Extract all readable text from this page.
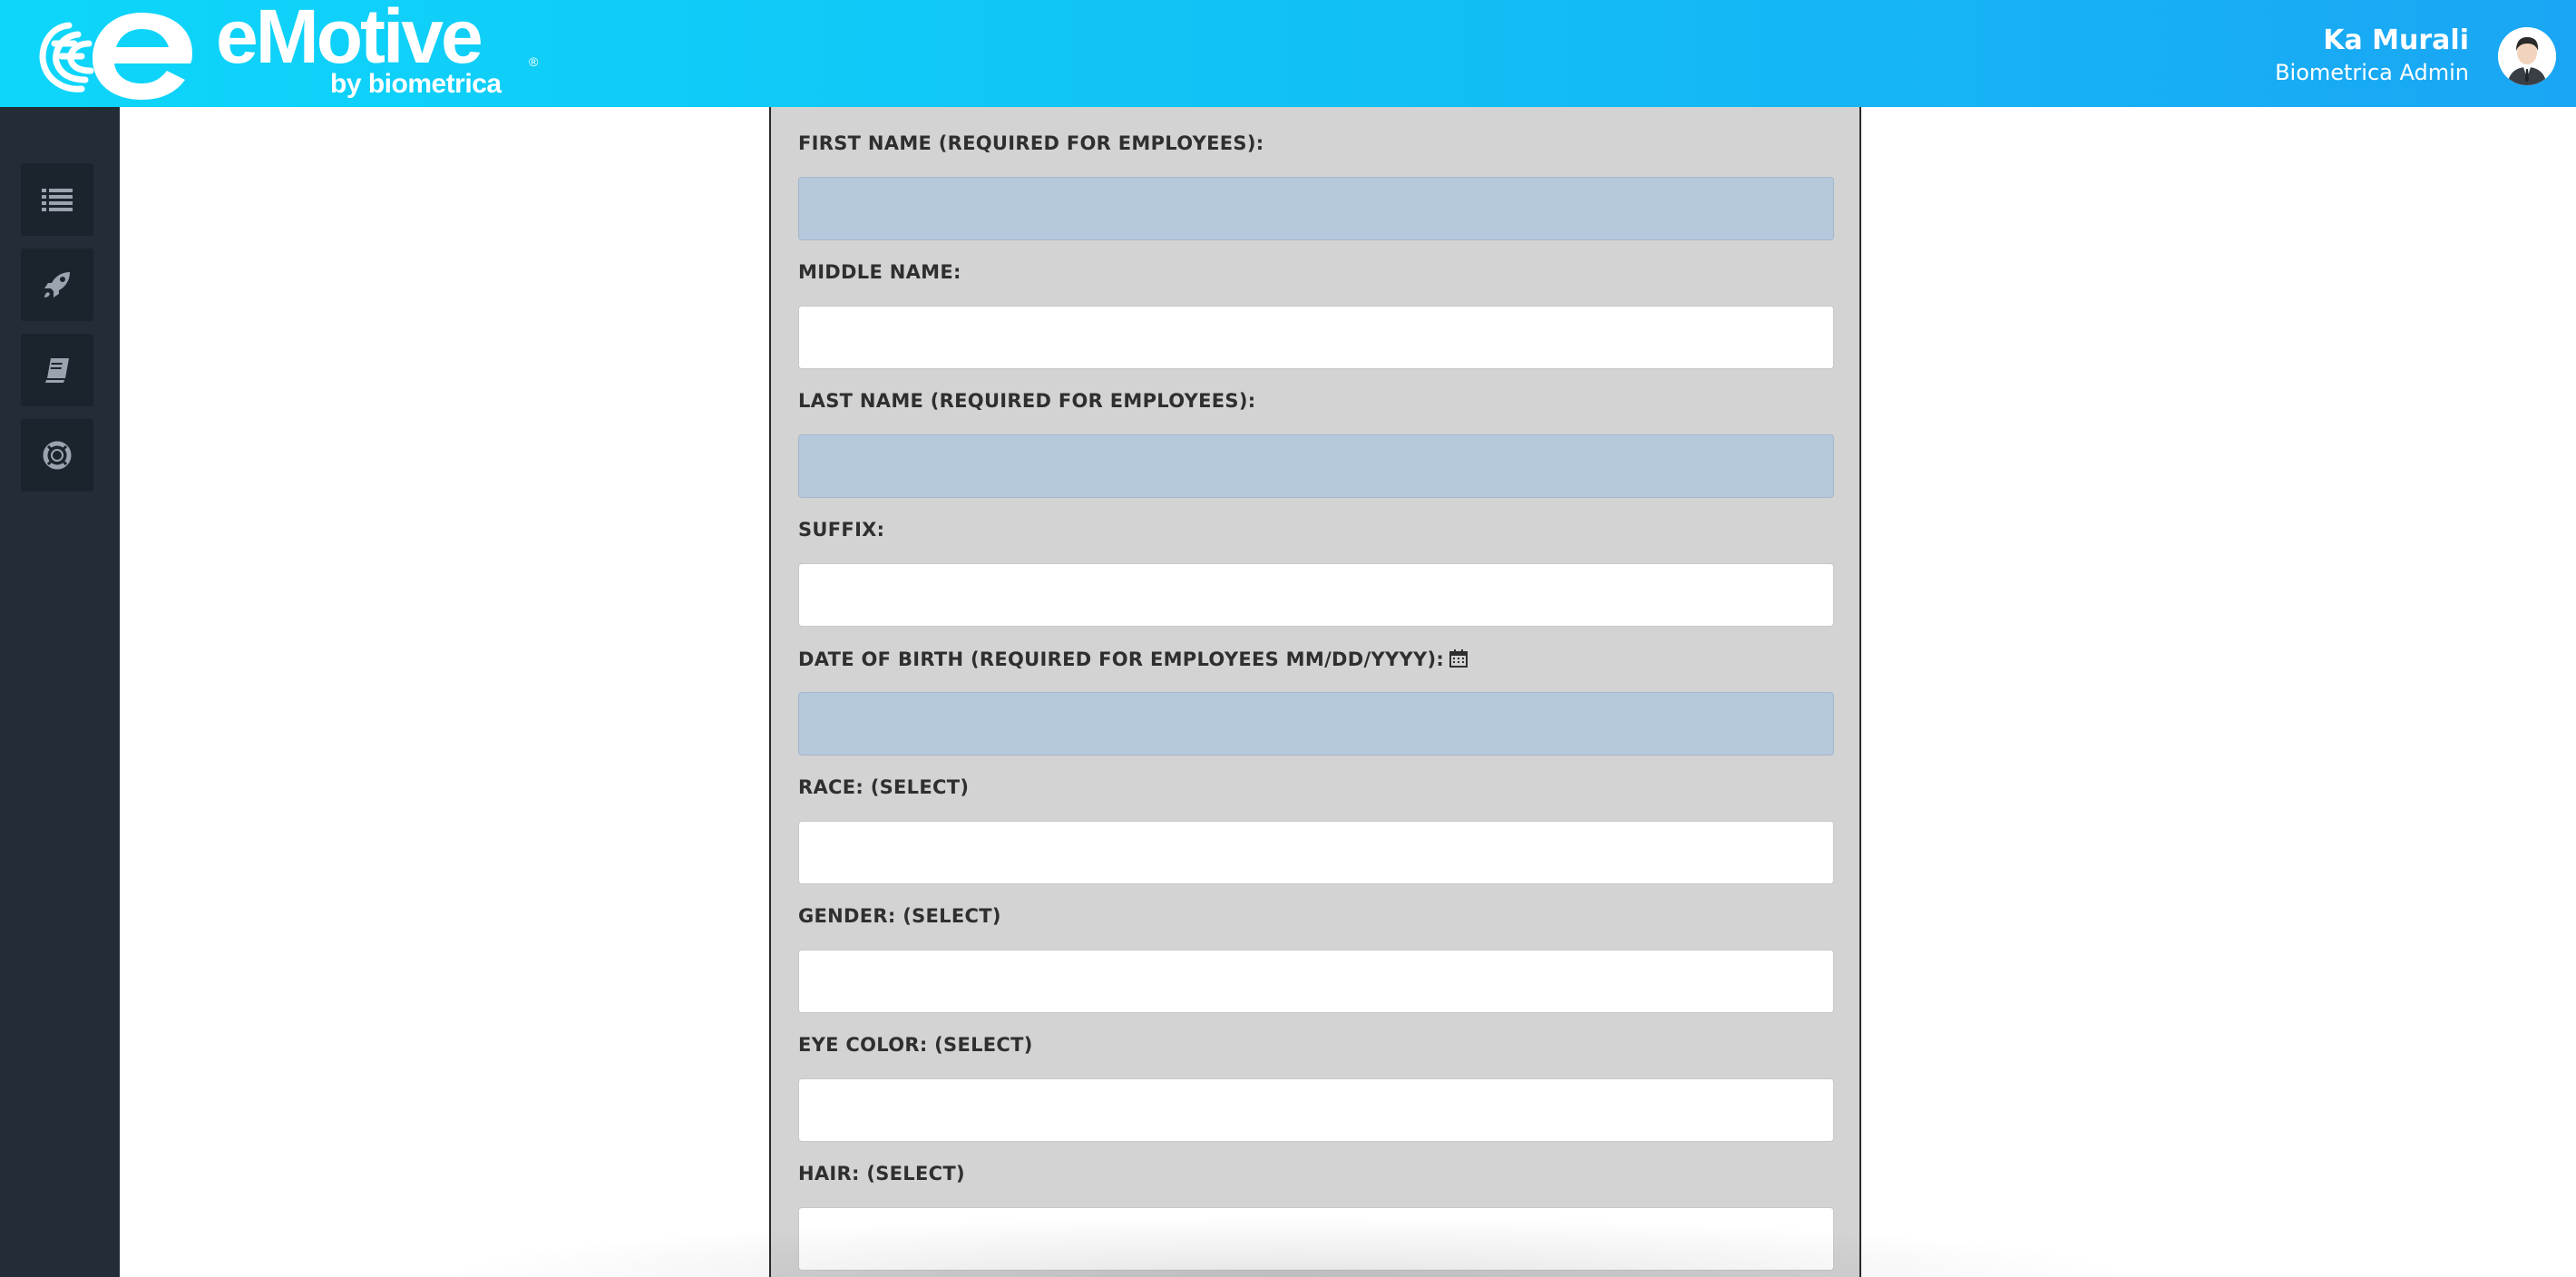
eMotive	®
by biometrica
Ka Murali
Biometrica Admin
FIRST NAME (REQUIRED FOR EMPLOYEES):
MIDDLE NAME:
LAST NAME (REQUIRED FOR EMPLOYEES):
SUFFIX:
DATE OF BIRTH (REQUIRED FOR EMPLOYEES MM/DD/YYYY):
RACE: (SELECT)
GENDER: (SELECT)
EYE COLOR: (SELECT)
HAIR: (SELECT)
